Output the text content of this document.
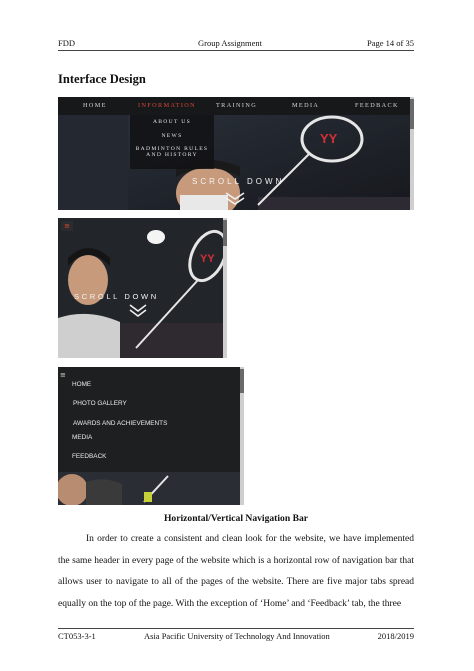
FDD	Group Assignment	Page 14 of 35
Interface Design
YY
HOME	INFORMATION	TRAINING	MEDIA	FEEDBACK
ABOUT US
NEWS
BADMINTON RULES AND HISTORY
SCROLL DOWN
YY
≡
SCROLL DOWN
≡
HOME
PHOTO GALLERY
AWARDS AND ACHIEVEMENTS
MEDIA
FEEDBACK
Horizontal/Vertical Navigation Bar

In order to create a consistent and clean look for the website, we have implemented the same header in every page of the website which is a horizontal row of navigation bar that allows user to navigate to all of the pages of the website. There are five major tabs spread equally on the top of the page. With the exception of ‘Home’ and ‘Feedback’ tab, the three

CT053-3-1	Asia Pacific University of Technology And Innovation	2018/2019
